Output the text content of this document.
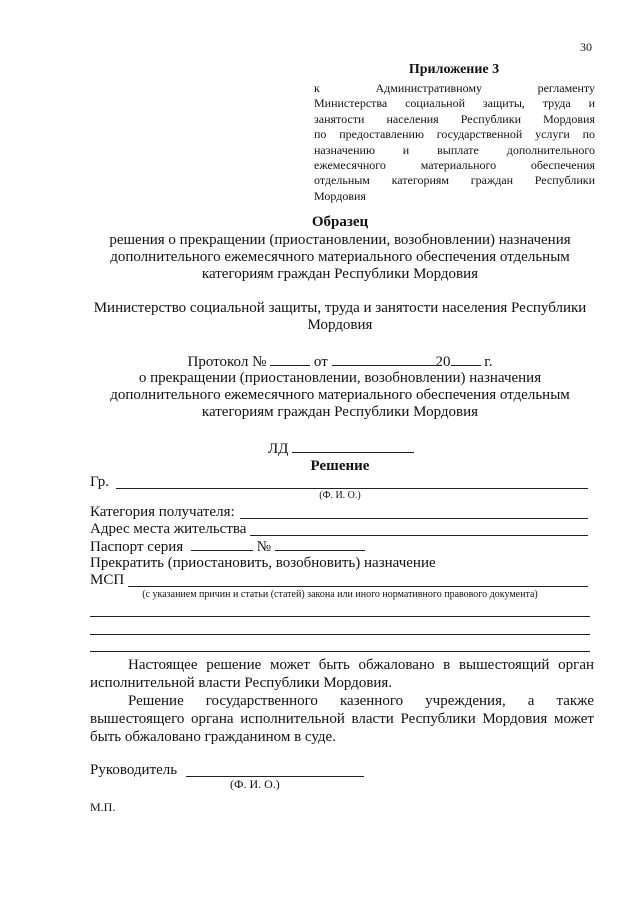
30
Приложение 3
к Административному регламенту
Министерства социальной защиты, труда и
занятости населения Республики Мордовия
по предоставлению государственной услуги по
назначению и выплате дополнительного
ежемесячного материального обеспечения
отдельным категориям граждан Республики
Мордовия
Образец
решения о прекращении (приостановлении, возобновлении) назначения
дополнительного ежемесячного материального обеспечения отдельным
категориям граждан Республики Мордовия
Министерство социальной защиты, труда и занятости населения Республики
Мордовия
Протокол №	от	20 г.
о прекращении (приостановлении, возобновлении) назначения
дополнительного ежемесячного материального обеспечения отдельным
категориям граждан Республики Мордовия
ЛД
Решение
Гр.
(Ф. И. О.)
Категория получателя:
Адрес места жительства
Паспорт серия	№
Прекратить (приостановить, возобновить) назначение
МСП
(с указанием причин и статьи (статей) закона или иного нормативного правового документа)
Настоящее решение может быть обжаловано в вышестоящий орган
исполнительной власти Республики Мордовия.
Решение государственного казенного учреждения, а также
вышестоящего органа исполнительной власти Республики Мордовия может
быть обжаловано гражданином в суде.
Руководитель
(Ф. И. О.)
М.П.
